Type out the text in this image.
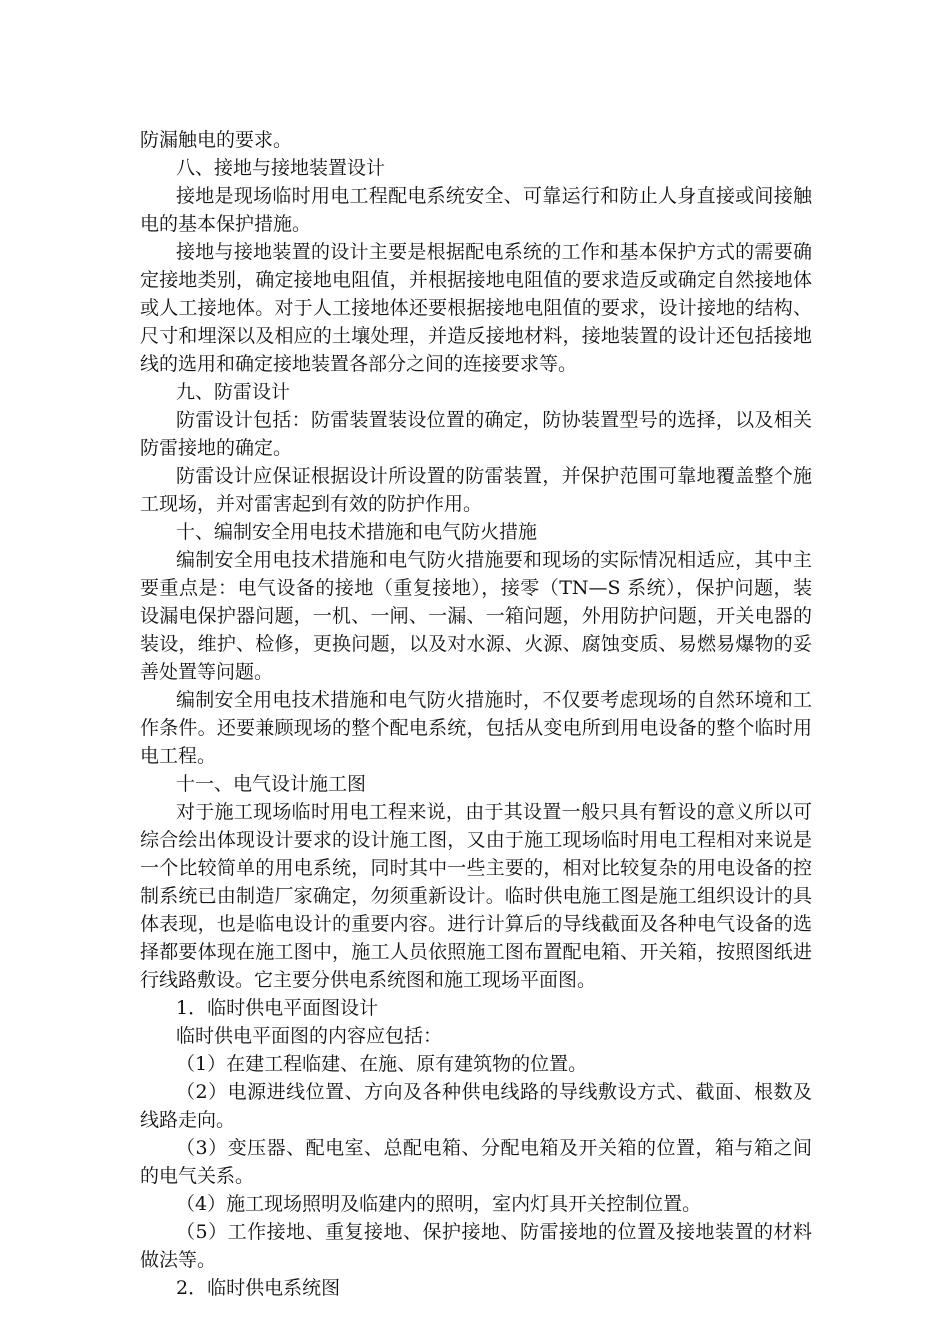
防漏触电的要求。

八、接地与接地装置设计

接地是现场临时用电工程配电系统安全、可靠运行和防止人身直接或间接触电的基本保护措施。

接地与接地装置的设计主要是根据配电系统的工作和基本保护方式的需要确定接地类别，确定接地电阻值，并根据接地电阻值的要求造反或确定自然接地体或人工接地体。对于人工接地体还要根据接地电阻值的要求，设计接地的结构、尺寸和埋深以及相应的土壤处理，并造反接地材料，接地装置的设计还包括接地线的选用和确定接地装置各部分之间的连接要求等。

九、防雷设计

防雷设计包括：防雷装置装设位置的确定，防协装置型号的选择，以及相关防雷接地的确定。

防雷设计应保证根据设计所设置的防雷装置，并保护范围可靠地覆盖整个施工现场，并对雷害起到有效的防护作用。

十、编制安全用电技术措施和电气防火措施

编制安全用电技术措施和电气防火措施要和现场的实际情况相适应，其中主要重点是：电气设备的接地（重复接地），接零（TN—S 系统），保护问题，装设漏电保护器问题，一机、一闸、一漏、一箱问题，外用防护问题，开关电器的装设，维护、检修，更换问题，以及对水源、火源、腐蚀变质、易燃易爆物的妥善处置等问题。

编制安全用电技术措施和电气防火措施时，不仅要考虑现场的自然环境和工作条件。还要兼顾现场的整个配电系统，包括从变电所到用电设备的整个临时用电工程。

十一、电气设计施工图

对于施工现场临时用电工程来说，由于其设置一般只具有暂设的意义所以可综合绘出体现设计要求的设计施工图，又由于施工现场临时用电工程相对来说是一个比较简单的用电系统，同时其中一些主要的，相对比较复杂的用电设备的控制系统已由制造厂家确定，勿须重新设计。临时供电施工图是施工组织设计的具体表现，也是临电设计的重要内容。进行计算后的导线截面及各种电气设备的选择都要体现在施工图中，施工人员依照施工图布置配电箱、开关箱，按照图纸进行线路敷设。它主要分供电系统图和施工现场平面图。

1．临时供电平面图设计

临时供电平面图的内容应包括：

（1）在建工程临建、在施、原有建筑物的位置。

（2）电源进线位置、方向及各种供电线路的导线敷设方式、截面、根数及线路走向。

（3）变压器、配电室、总配电箱、分配电箱及开关箱的位置，箱与箱之间的电气关系。

（4）施工现场照明及临建内的照明，室内灯具开关控制位置。

（5）工作接地、重复接地、保护接地、防雷接地的位置及接地装置的材料做法等。

2．临时供电系统图
